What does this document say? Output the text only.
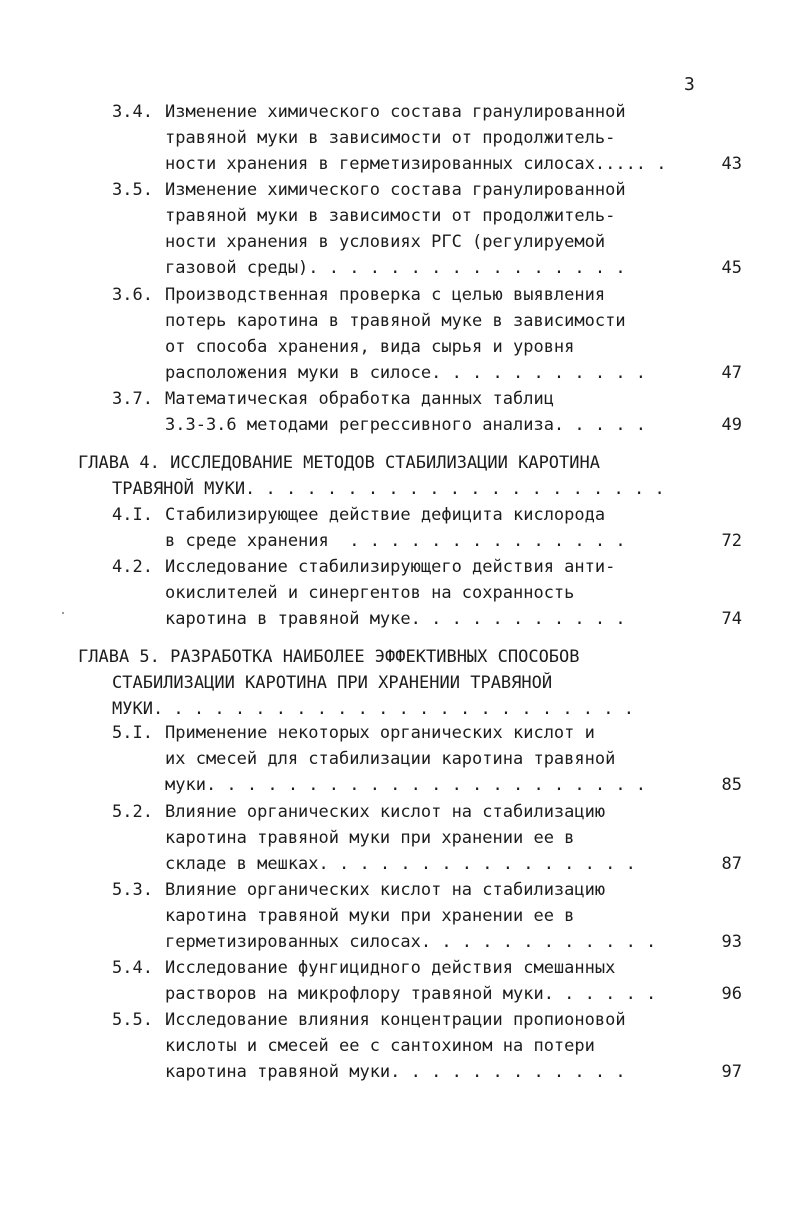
3
3.4. Изменение химического состава гранулированной
травяной муки в зависимости от продолжитель-
ности хранения в герметизированных силосах..... .	43
3.5. Изменение химического состава гранулированной
травяной муки в зависимости от продолжитель-
ности хранения в условиях РГС (регулируемой
газовой среды). . . . . . . . . . . . . . . .	45
3.6. Производственная проверка с целью выявления
потерь каротина в травяной муке в зависимости
от способа хранения, вида сырья и уровня
расположения муки в силосе. . . . . . . . . . .	47
3.7. Математическая обработка данных таблиц
3.3-3.6 методами регрессивного анализа. . . . .	49
ГЛАВА 4. ИССЛЕДОВАНИЕ МЕТОДОВ СТАБИЛИЗАЦИИ КАРОТИНА
ТРАВЯНОЙ МУКИ. . . . . . . . . . . . . . . . . . . . .
4.I. Стабилизирующее действие дефицита кислорода
в среде хранения  . . . . . . . . . . . . . .	72
4.2. Исследование стабилизирующего действия анти-
окислителей и синергентов на сохранность
каротина в травяной муке. . . . . . . . . . .	74
ГЛАВА 5. РАЗРАБОТКА НАИБОЛЕЕ ЭФФЕКТИВНЫХ СПОСОБОВ
СТАБИЛИЗАЦИИ КАРОТИНА ПРИ ХРАНЕНИИ ТРАВЯНОЙ
МУКИ. . . . . . . . . . . . . . . . . . . . . . . .
5.I. Применение некоторых органических кислот и
их смесей для стабилизации каротина травяной
муки. . . . . . . . . . . . . . . . . . . . . .	85
5.2. Влияние органических кислот на стабилизацию
каротина травяной муки при хранении ее в
складе в мешках. . . . . . . . . . . . . . . .	87
5.3. Влияние органических кислот на стабилизацию
каротина травяной муки при хранении ее в
герметизированных силосах. . . . . . . . . . . .	93
5.4. Исследование фунгицидного действия смешанных
растворов на микрофлору травяной муки. . . . . .	96
5.5. Исследование влияния концентрации пропионовой
кислоты и смесей ее с сантохином на потери
каротина травяной муки. . . . . . . . . . . .	97
